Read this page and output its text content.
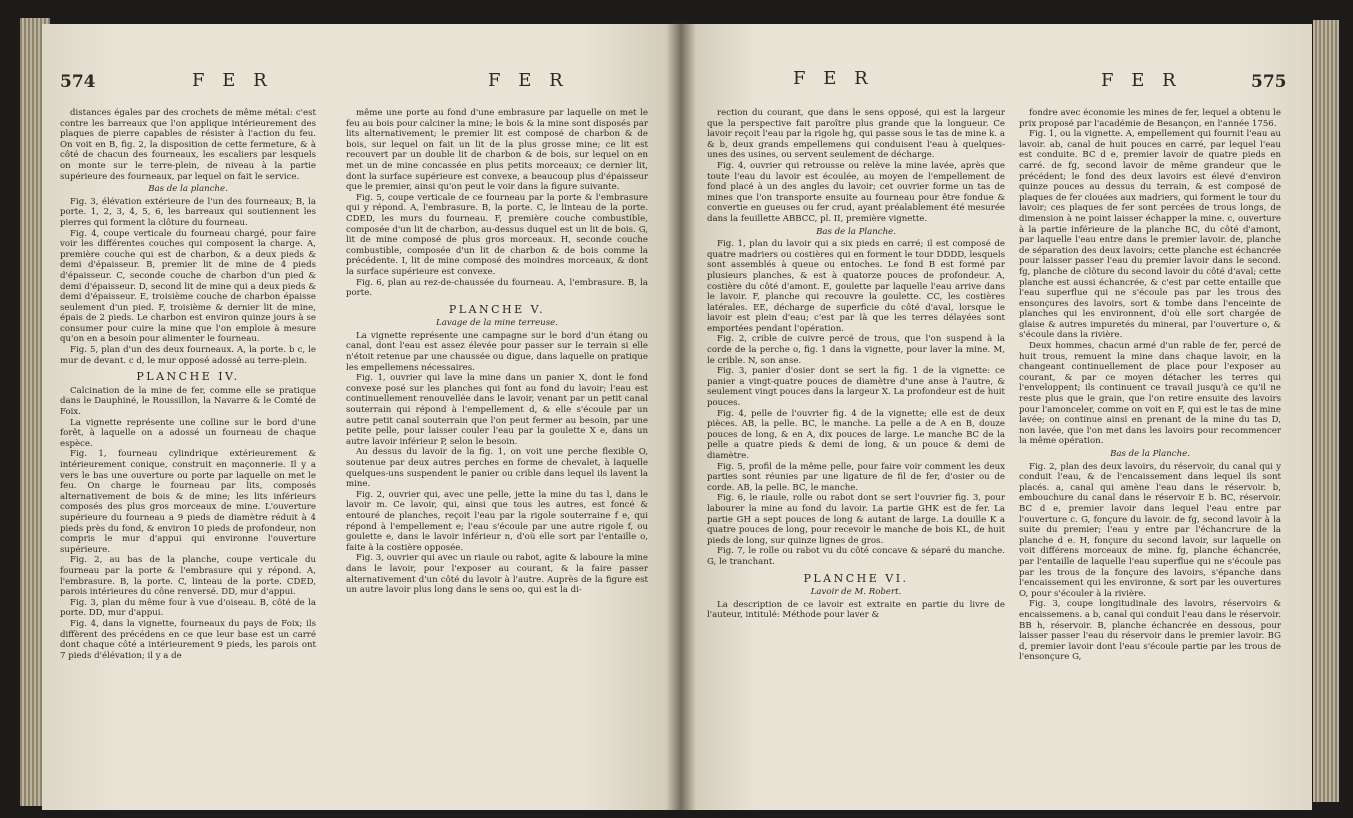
574	F E R	F E R

distances égales par des crochets de même métal: c'est contre les barreaux que l'on applique intérieurement des plaques de pierre capables de résister à l'action du feu. On voit en B, fig. 2, la disposition de cette fermeture, & à côté de chacun des fourneaux, les escaliers par lesquels on monte sur le terre-plein, de niveau à la partie supérieure des fourneaux, par lequel on fait le service.

Bas de la planche.

Fig. 3, élévation extérieure de l'un des fourneaux; B, la porte. 1, 2, 3, 4, 5, 6, les barreaux qui soutiennent les pierres qui forment la clôture du fourneau.

Fig. 4, coupe verticale du fourneau chargé, pour faire voir les différentes couches qui composent la charge. A, première couche qui est de charbon, & a deux pieds & demi d'épaisseur. B, premier lit de mine de 4 pieds d'épaisseur. C, seconde couche de charbon d'un pied & demi d'épaisseur. D, second lit de mine qui a deux pieds & demi d'épaisseur. E, troisième couche de charbon épaisse seulement d'un pied. F, troisième & dernier lit de mine, épais de 2 pieds. Le charbon est environ quinze jours à se consumer pour cuire la mine que l'on emploie à mesure qu'on en a besoin pour alimenter le fourneau.

Fig. 5, plan d'un des deux fourneaux. A, la porte. b c, le mur de devant. c d, le mur opposé adossé au terre-plein.

PLANCHE IV.

Calcination de la mine de fer, comme elle se pratique dans le Dauphiné, le Roussillon, la Navarre & le Comté de Foix.

La vignette représente une colline sur le bord d'une forêt, à laquelle on a adossé un fourneau de chaque espèce.

Fig. 1, fourneau cylindrique extérieurement & intérieurement conique, construit en maçonnerie. Il y a vers le bas une ouverture ou porte par laquelle on met le feu. On charge le fourneau par lits, composés alternativement de bois & de mine; les lits inférieurs composés des plus gros morceaux de mine. L'ouverture supérieure du fourneau a 9 pieds de diamètre réduit à 4 pieds près du fond, & environ 10 pieds de profondeur, non compris le mur d'appui qui environne l'ouverture supérieure.

Fig. 2, au bas de la planche, coupe verticale du fourneau par la porte & l'embrasure qui y répond. A, l'embrasure. B, la porte. C, linteau de la porte. CDED, parois intérieures du cône renversé. DD, mur d'appui.

Fig. 3, plan du même four à vue d'oiseau. B, côté de la porte. DD, mur d'appui.

Fig. 4, dans la vignette, fourneaux du pays de Foix; ils diffèrent des précédens en ce que leur base est un carré dont chaque côté a intérieurement 9 pieds, les parois ont 7 pieds d'élévation; il y a de

même une porte au fond d'une embrasure par laquelle on met le feu au bois pour calciner la mine; le bois & la mine sont disposés par lits alternativement; le premier lit est composé de charbon & de bois, sur lequel on fait un lit de la plus grosse mine; ce lit est recouvert par un double lit de charbon & de bois, sur lequel on en met un de mine concassée en plus petits morceaux; ce dernier lit, dont la surface supérieure est convexe, a beaucoup plus d'épaisseur que le premier, ainsi qu'on peut le voir dans la figure suivante.

Fig. 5, coupe verticale de ce fourneau par la porte & l'embrasure qui y répond. A, l'embrasure. B, la porte. C, le linteau de la porte. CDED, les murs du fourneau. F, première couche combustible, composée d'un lit de charbon, au-dessus duquel est un lit de bois. G, lit de mine composé de plus gros morceaux. H, seconde couche combustible, composée d'un lit de charbon & de bois comme la précédente. I, lit de mine composé des moindres morceaux, & dont la surface supérieure est convexe.

Fig. 6, plan au rez-de-chaussée du fourneau. A, l'embrasure. B, la porte.

PLANCHE V.

Lavage de la mine terreuse.

La vignette représente une campagne sur le bord d'un étang ou canal, dont l'eau est assez élevée pour passer sur le terrain si elle n'étoit retenue par une chaussée ou digue, dans laquelle on pratique les empellemens nécessaires.

Fig. 1, ouvrier qui lave la mine dans un panier X, dont le fond convexe posé sur les planches qui font au fond du lavoir; l'eau est continuellement renouvellée dans le lavoir, venant par un petit canal souterrain qui répond à l'empellement d, & elle s'écoule par un autre petit canal souterrain que l'on peut fermer au besoin, par une petite pelle, pour laisser couler l'eau par la goulette X e, dans un autre lavoir inférieur P, selon le besoin.

Au dessus du lavoir de la fig. 1, on voit une perche flexible O, soutenue par deux autres perches en forme de chevalet, à laquelle quelques-uns suspendent le panier ou crible dans lequel ils lavent la mine.

Fig. 2, ouvrier qui, avec une pelle, jette la mine du tas l, dans le lavoir m. Ce lavoir, qui, ainsi que tous les autres, est foncé & entouré de planches, reçoit l'eau par la rigole souterraine f e, qui répond à l'empellement e; l'eau s'écoule par une autre rigole f, ou goulette e, dans le lavoir inférieur n, d'où elle sort par l'entaille o, faite à la costière opposée.

Fig. 3, ouvrier qui avec un riaule ou rabot, agite & laboure la mine dans le lavoir, pour l'exposer au courant, & la faire passer alternativement d'un côté du lavoir à l'autre. Auprès de la figure est un autre lavoir plus long dans le sens oo, qui est la di-

F E R	F E R	575

rection du courant, que dans le sens opposé, qui est la largeur que la perspective fait paroître plus grande que la longueur. Ce lavoir reçoit l'eau par la rigole hg, qui passe sous le tas de mine k. a & b, deux grands empellemens qui conduisent l'eau à quelques-unes des usines, ou servent seulement de décharge.

Fig. 4, ouvrier qui retrousse ou relève la mine lavée, après que toute l'eau du lavoir est écoulée, au moyen de l'empellement de fond placé à un des angles du lavoir; cet ouvrier forme un tas de mines que l'on transporte ensuite au fourneau pour être fondue & convertie en gueuses ou fer crud, ayant préalablement été mesurée dans la feuillette ABBCC, pl. II, première vignette.

Bas de la Planche.

Fig. 1, plan du lavoir qui a six pieds en carré; il est composé de quatre madriers ou costières qui en forment le tour DDDD, lesquels sont assemblés à queue ou entoches. Le fond B est formé par plusieurs planches, & est à quatorze pouces de profondeur. A, costière du côté d'amont. E, goulette par laquelle l'eau arrive dans le lavoir. F, planche qui recouvre la goulette. CC, les costières latérales. EE, décharge de superficie du côté d'aval, lorsque le lavoir est plein d'eau; c'est par là que les terres délayées sont emportées pendant l'opération.

Fig. 2, crible de cuivre percé de trous, que l'on suspend à la corde de la perche o, fig. 1 dans la vignette, pour laver la mine. M, le crible. N, son anse.

Fig. 3, panier d'osier dont se sert la fig. 1 de la vignette: ce panier a vingt-quatre pouces de diamètre d'une anse à l'autre, & seulement vingt pouces dans la largeur X. La profondeur est de huit pouces.

Fig. 4, pelle de l'ouvrier fig. 4 de la vignette; elle est de deux pièces. AB, la pelle. BC, le manche. La pelle a de A en B, douze pouces de long, & en A, dix pouces de large. Le manche BC de la pelle a quatre pieds & demi de long, & un pouce & demi de diamètre.

Fig. 5, profil de la même pelle, pour faire voir comment les deux parties sont réunies par une ligature de fil de fer, d'osier ou de corde. AB, la pelle. BC, le manche.

Fig. 6, le riaule, rolle ou rabot dont se sert l'ouvrier fig. 3, pour labourer la mine au fond du lavoir. La partie GHK est de fer. La partie GH a sept pouces de long & autant de large. La douille K a quatre pouces de long, pour recevoir le manche de bois KL, de huit pieds de long, sur quinze lignes de gros.

Fig. 7, le rolle ou rabot vu du côté concave & séparé du manche. G, le tranchant.

PLANCHE VI.

Lavoir de M. Robert.

La description de ce lavoir est extraite en partie du livre de l'auteur, intitulé: Méthode pour laver &

fondre avec économie les mines de fer, lequel a obtenu le prix proposé par l'académie de Besançon, en l'année 1756.

Fig. 1, ou la vignette. A, empellement qui fournit l'eau au lavoir. ab, canal de huit pouces en carré, par lequel l'eau est conduite. BC d e, premier lavoir de quatre pieds en carré. de fg, second lavoir de même grandeur que le précédent; le fond des deux lavoirs est élevé d'environ quinze pouces au dessus du terrain, & est composé de plaques de fer clouées aux madriers, qui forment le tour du lavoir; ces plaques de fer sont percées de trous longs, de dimension à ne point laisser échapper la mine. c, ouverture à la partie inférieure de la planche BC, du côté d'amont, par laquelle l'eau entre dans le premier lavoir. de, planche de séparation des deux lavoirs; cette planche est échancrée pour laisser passer l'eau du premier lavoir dans le second. fg, planche de clôture du second lavoir du côté d'aval; cette planche est aussi échancrée, & c'est par cette entaille que l'eau superflue qui ne s'écoule pas par les trous des ensonçures des lavoirs, sort & tombe dans l'enceinte de planches qui les environnent, d'où elle sort chargée de glaise & autres impuretés du minerai, par l'ouverture o, & s'écoule dans la rivière.

Deux hommes, chacun armé d'un rable de fer, percé de huit trous, remuent la mine dans chaque lavoir, en la changeant continuellement de place pour l'exposer au courant, & par ce moyen détacher les terres qui l'enveloppent; ils continuent ce travail jusqu'à ce qu'il ne reste plus que le grain, que l'on retire ensuite des lavoirs pour l'amonceler, comme on voit en F, qui est le tas de mine lavée; on continue ainsi en prenant de la mine du tas D, non lavée, que l'on met dans les lavoirs pour recommencer la même opération.

Bas de la Planche.

Fig. 2, plan des deux lavoirs, du réservoir, du canal qui y conduit l'eau, & de l'encaissement dans lequel ils sont placés. a, canal qui amène l'eau dans le réservoir. b, embouchure du canal dans le réservoir E b. BC, réservoir. BC d e, premier lavoir dans lequel l'eau entre par l'ouverture c. G, fonçure du lavoir. de fg, second lavoir à la suite du premier; l'eau y entre par l'échancrure de la planche d e. H, fonçure du second lavoir, sur laquelle on voit différens morceaux de mine. fg, planche échancrée, par l'entaille de laquelle l'eau superflue qui ne s'écoule pas par les trous de la fonçure des lavoirs, s'épanche dans l'encaissement qui les environne, & sort par les ouvertures O, pour s'écouler à la rivière.

Fig. 3, coupe longitudinale des lavoirs, réservoirs & encaissemens. a b, canal qui conduit l'eau dans le réservoir. BB h, réservoir. B, planche échancrée en dessous, pour laisser passer l'eau du réservoir dans le premier lavoir. BG d, premier lavoir dont l'eau s'écoule partie par les trous de l'ensonçure G,
